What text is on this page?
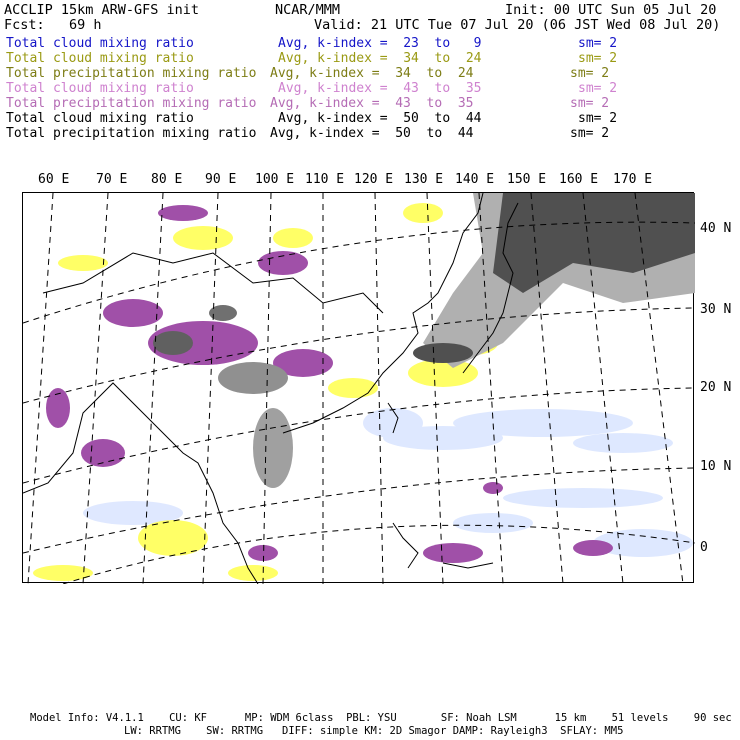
ACCLIP 15km ARW-GFS init	NCAR/MMM	Init: 00 UTC Sun 05 Jul 20
Fcst:   69 h	Valid: 21 UTC Tue 07 Jul 20 (06 JST Wed 08 Jul 20)
Total cloud mixing ratio	Avg, k-index =  23  to   9	sm= 2
Total cloud mixing ratio	Avg, k-index =  34  to  24	sm= 2
Total precipitation mixing ratio Avg, k-index =  34  to  24	sm= 2
Total cloud mixing ratio	Avg, k-index =  43  to  35	sm= 2
Total precipitation mixing ratio Avg, k-index =  43  to  35	sm= 2
Total cloud mixing ratio	Avg, k-index =  50  to  44	sm= 2
Total precipitation mixing ratio Avg, k-index =  50  to  44	sm= 2
60 E 70 E 80 E 90 E 100 E 110 E 120 E 130 E 140 E 150 E 160 E 170 E
40 N
30 N
20 N
10 N
0
Model Info: V4.1.1    CU: KF      MP: WDM 6class  PBL: YSU       SF: Noah LSM      15 km    51 levels    90 sec
LW: RRTMG    SW: RRTMG   DIFF: simple KM: 2D Smagor DAMP: Rayleigh3  SFLAY: MM5
